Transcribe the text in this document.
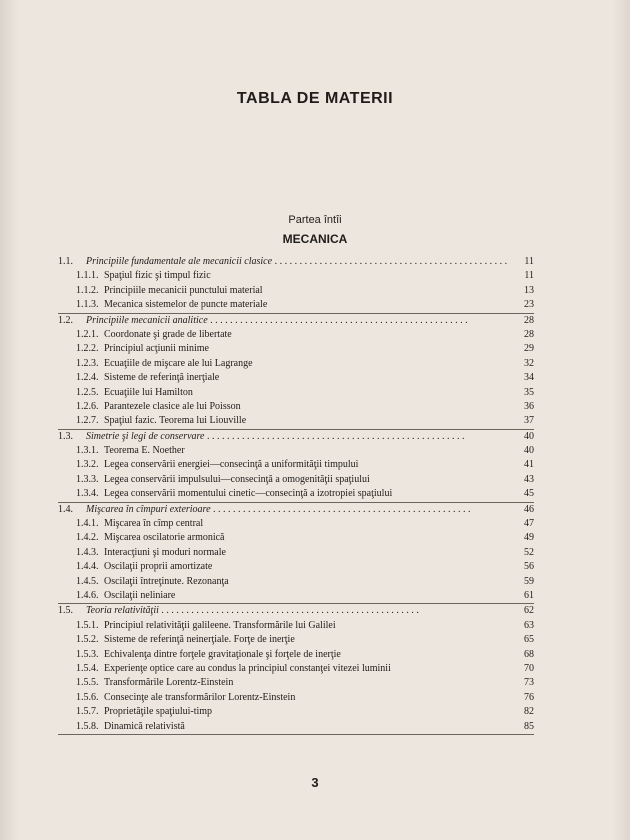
TABLA DE MATERII
Partea întîi
MECANICA
1.1. Principiile fundamentale ale mecanicii clasice . . .	11
1.1.1. Spaţiul fizic şi timpul fizic	11
1.1.2. Principiile mecanicii punctului material	13
1.1.3. Mecanica sistemelor de puncte materiale	23
1.2. Principiile mecanicii analitice . . .	28
1.2.1. Coordonate şi grade de libertate	28
1.2.2. Principiul acţiunii minime	29
1.2.3. Ecuaţiile de mişcare ale lui Lagrange	32
1.2.4. Sisteme de referinţă inerţiale	34
1.2.5. Ecuaţiile lui Hamilton	35
1.2.6. Parantezele clasice ale lui Poisson	36
1.2.7. Spaţiul fazic. Teorema lui Liouville	37
1.3. Simetrie şi legi de conservare . . .	40
1.3.1. Teorema E. Noether	40
1.3.2. Legea conservării energiei—consecinţă a uniformităţii timpului	41
1.3.3. Legea conservării impulsului—consecinţă a omogenităţii spaţiului	43
1.3.4. Legea conservării momentului cinetic—consecinţă a izotropiei spaţiului	45
1.4. Mişcarea în cîmpuri exterioare . . .	46
1.4.1. Mişcarea în cîmp central	47
1.4.2. Mişcarea oscilatorie armonică	49
1.4.3. Interacţiuni şi moduri normale	52
1.4.4. Oscilaţii proprii amortizate	56
1.4.5. Oscilaţii întreţinute. Rezonanţa	59
1.4.6. Oscilaţii neliniare	61
1.5. Teoria relativităţii . . .	62
1.5.1. Principiul relativităţii galileene. Transformările lui Galilei	63
1.5.2. Sisteme de referinţă neinerţiale. Forţe de inerţie	65
1.5.3. Echivalenţa dintre forţele gravitaţionale şi forţele de inerţie	68
1.5.4. Experienţe optice care au condus la principiul constanţei vitezei luminii	70
1.5.5. Transformările Lorentz-Einstein	73
1.5.6. Consecinţe ale transformărilor Lorentz-Einstein	76
1.5.7. Proprietăţile spaţiului-timp	82
1.5.8. Dinamică relativistă	85
3
